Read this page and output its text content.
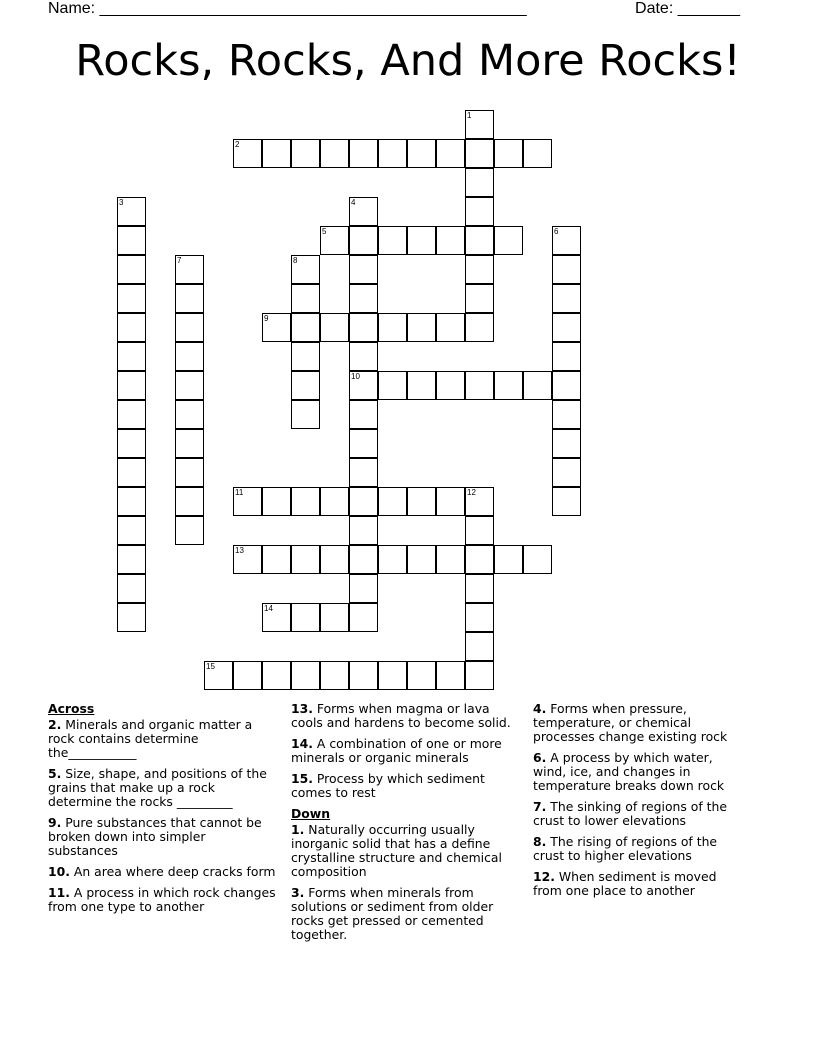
Name: ________________________________________________	Date: _______
Rocks, Rocks, And More Rocks!
1
2
3	4
5	6
7	8
9
10
11	12
13
14
15
Across
2. Minerals and organic matter a rock contains determine the___________
5. Size, shape, and positions of the grains that make up a rock determine the rocks _________
9. Pure substances that cannot be broken down into simpler substances
10. An area where deep cracks form
11. A process in which rock changes from one type to another
13. Forms when magma or lava cools and hardens to become solid.
14. A combination of one or more minerals or organic minerals
15. Process by which sediment comes to rest
Down
1. Naturally occurring usually inorganic solid that has a define crystalline structure and chemical composition
3. Forms when minerals from solutions or sediment from older rocks get pressed or cemented together.
4. Forms when pressure, temperature, or chemical processes change existing rock
6. A process by which water, wind, ice, and changes in temperature breaks down rock
7. The sinking of regions of the crust to lower elevations
8. The rising of regions of the crust to higher elevations
12. When sediment is moved from one place to another
